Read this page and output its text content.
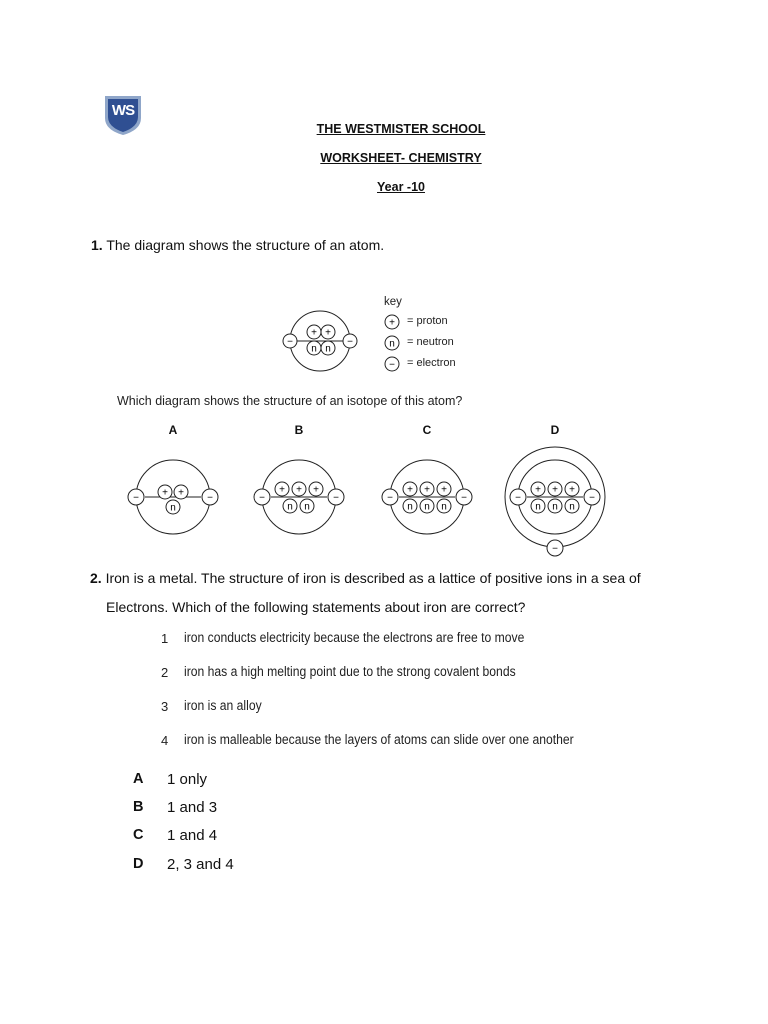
WS
THE WESTMISTER SCHOOL
WORKSHEET- CHEMISTRY
Year -10
1. The diagram shows the structure of an atom.
+ +
n n
−	−
key
+
n
−
= proton
= neutron
= electron
Which diagram shows the structure of an isotope of this atom?
A	B	C	D
+ +
n
−	−
+ + +
n n
−	−
+ + +
n n n
−	−
+ + +
n n n
−	−
−
2. Iron is a metal. The structure of iron is described as a lattice of positive ions in a sea of
Electrons. Which of the following statements about iron are correct?
1 iron conducts electricity because the electrons are free to move
2 iron has a high melting point due to the strong covalent bonds
3 iron is an alloy
4 iron is malleable because the layers of atoms can slide over one another
A 1 only
B 1 and 3
C 1 and 4
D 2, 3 and 4
